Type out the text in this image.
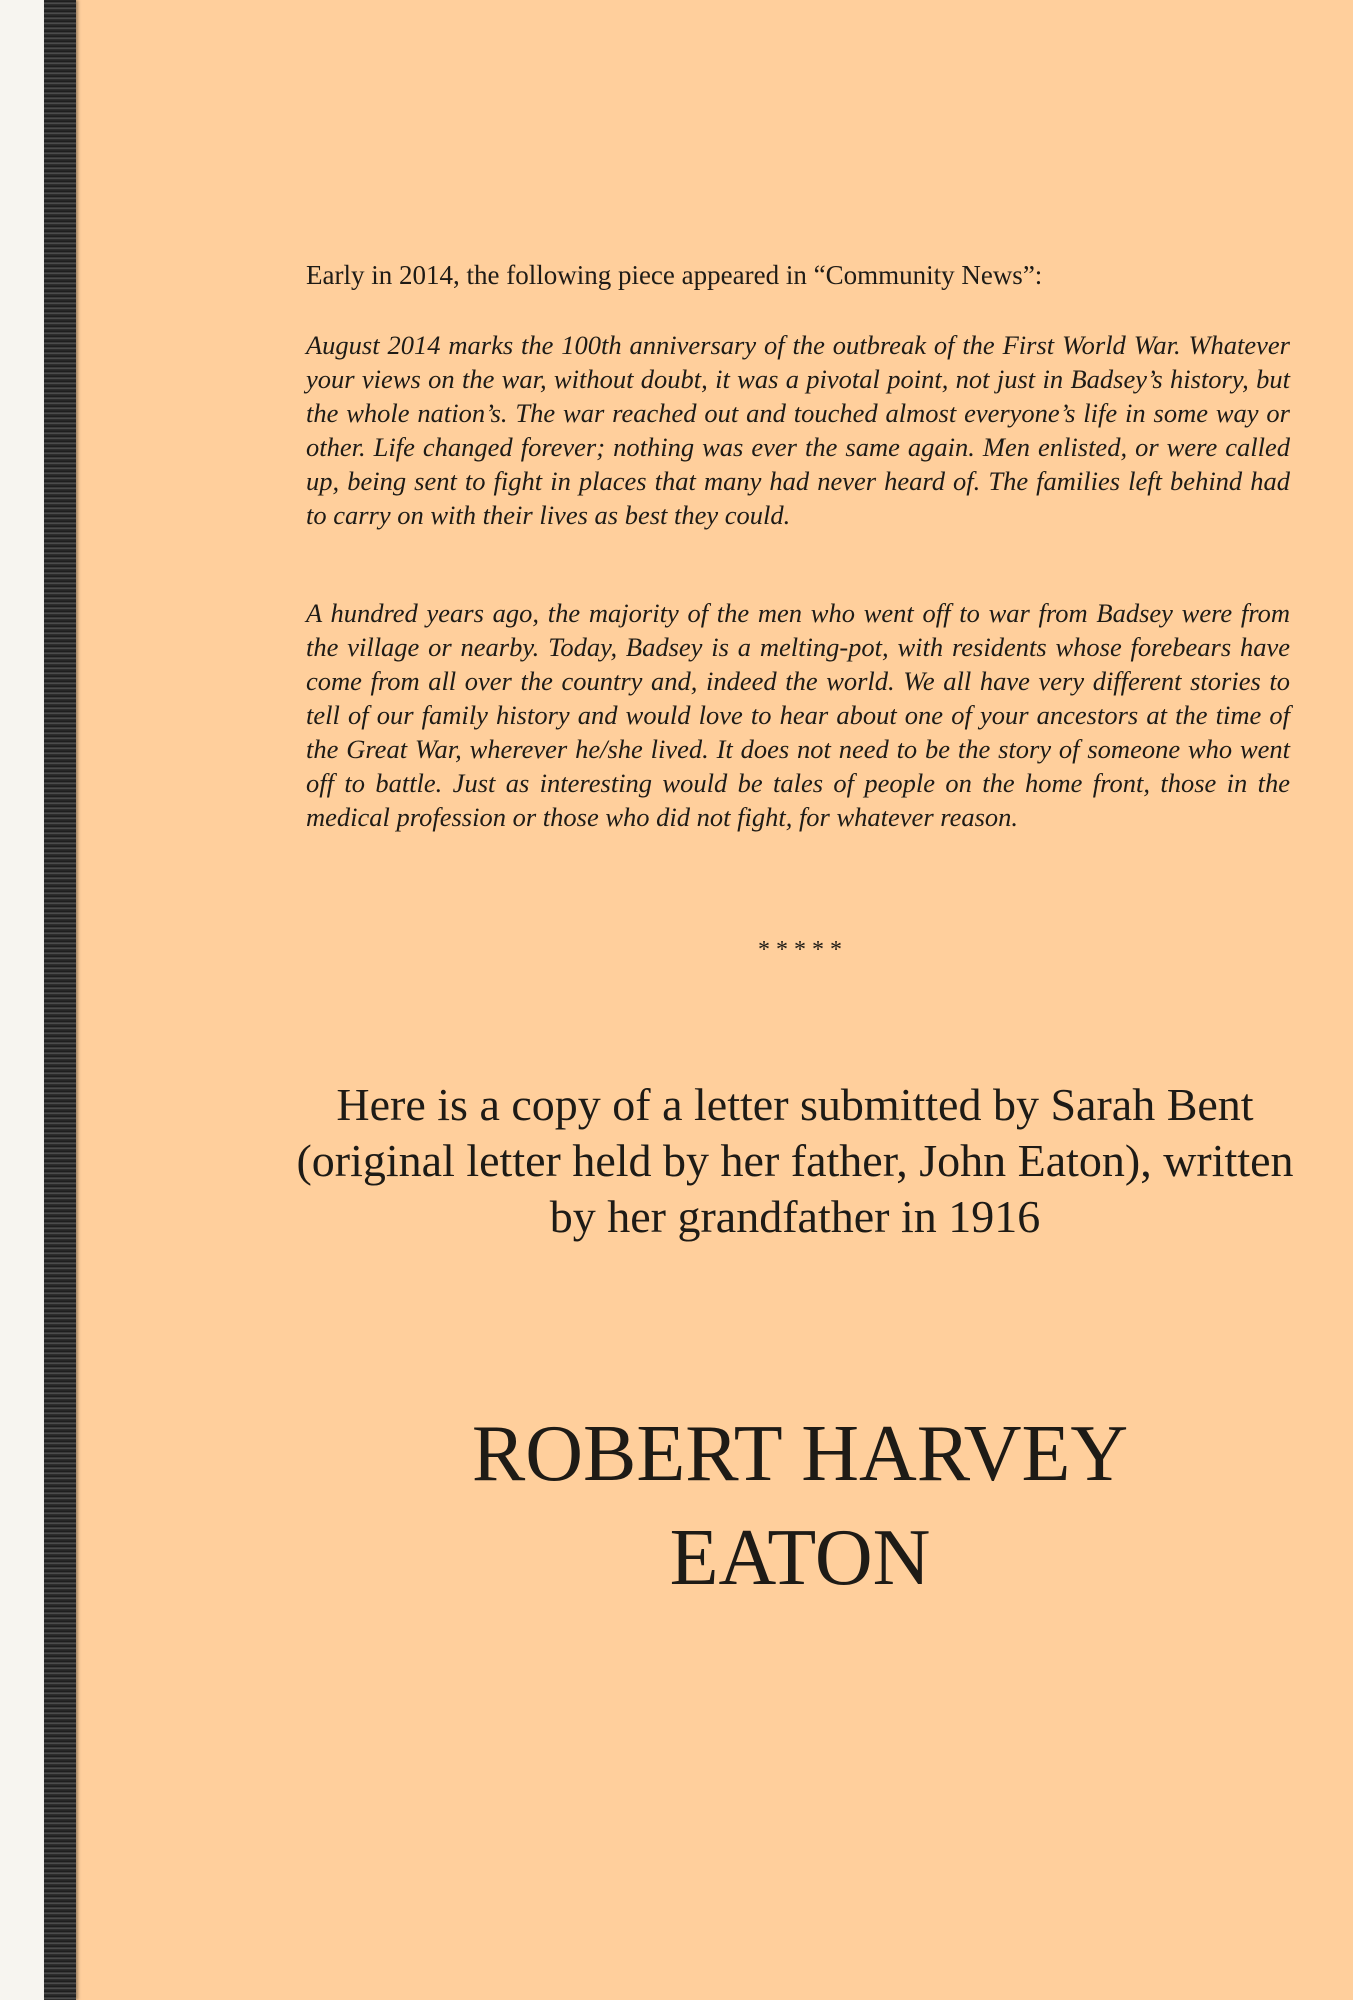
Early in 2014, the following piece appeared in “Community News”:
August 2014 marks the 100th anniversary of the outbreak of the First World War. Whatever your views on the war, without doubt, it was a pivotal point, not just in Badsey’s history, but the whole nation’s. The war reached out and touched almost everyone’s life in some way or other. Life changed forever; nothing was ever the same again. Men enlisted, or were called up, being sent to fight in places that many had never heard of. The families left behind had to carry on with their lives as best they could.
A hundred years ago, the majority of the men who went off to war from Badsey were from the village or nearby. Today, Badsey is a melting-pot, with residents whose forebears have come from all over the country and, indeed the world. We all have very different stories to tell of our family history and would love to hear about one of your ancestors at the time of the Great War, wherever he/she lived. It does not need to be the story of someone who went off to battle. Just as interesting would be tales of people on the home front, those in the medical profession or those who did not fight, for whatever reason.
* * * * *
Here is a copy of a letter submitted by Sarah Bent
(original letter held by her father, John Eaton), written
by her grandfather in 1916
ROBERT HARVEY
EATON
